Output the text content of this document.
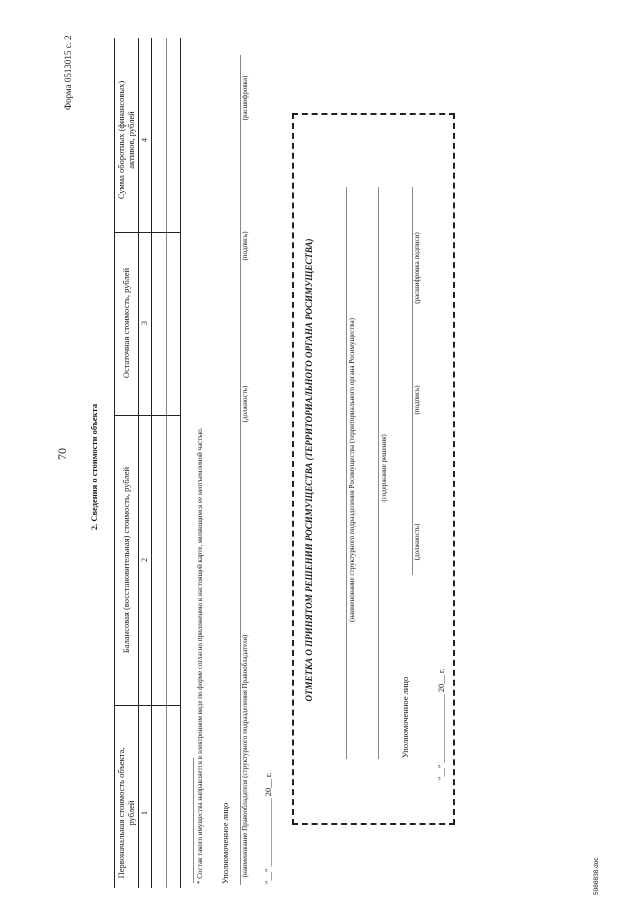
70
Форма 0513015 с. 2
2. Сведения о стоимости объекта
Первоначальная стоимость объекта, рублей
Балансовая (восстановительная) стоимость, рублей
Остаточная стоимость, рублей
Сумма оборотных (финансовых) активов, рублей
1
2
3
4
* Состав такого имущества направляется в электронном виде по форме согласно приложению к настоящей карте, являющимся ее неотъемлемой частью. Уполномоченное лицо (наименование Правообладателя (структурного подразделения Правообладателя)
(должность)
(подпись)
(расшифровка)
"__" ________________ 20__ г.
ОТМЕТКА О ПРИНЯТОМ РЕШЕНИИ РОСИМУЩЕСТВА (ТЕРРИТОРИАЛЬНОГО ОРГАНА РОСИМУЩЕСТВА)	(наименование структурного подразделения Росимущества (территориального органа Росимущества)	(содержание решения)
Уполномоченное лицо
(должность)
(подпись)
(расшифровка подписи)
"__" ________________ 20__ г.
5088838.doc
